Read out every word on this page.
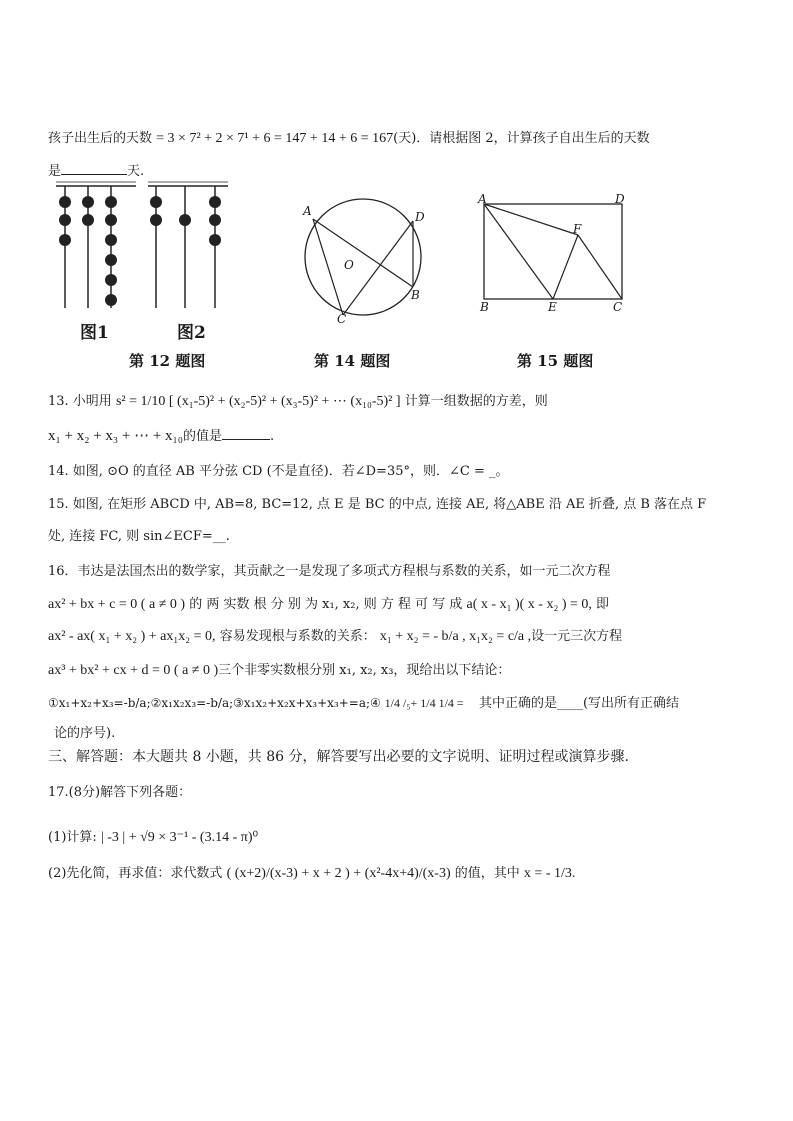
孩子出生后的天数 = 3 × 7² + 2 × 7¹ + 6 = 147 + 14 + 6 = 167(天)．请根据图 2，计算孩子自出生后的天数
是	天.
图1	图2
A	D
O
B
C
A	D
F
B	E	C
第 12 题图	第 14 题图	第 15 题图
13. 小明用 s² = 1/10 [ (x₁-5)² + (x₂-5)² + (x₃-5)² + ⋯ (x₁₀-5)² ] 计算一组数据的方差，则
x₁ + x₂ + x₃ + ⋯ + x₁₀的值是	.
14. 如图, ⊙O 的直径 AB 平分弦 CD (不是直径)．若∠D=35°，则．∠C = _。
15. 如图, 在矩形 ABCD 中, AB=8, BC=12, 点 E 是 BC 的中点, 连接 AE, 将△ABE 沿 AE 折叠, 点 B 落在点 F
处, 连接 FC, 则 sin∠ECF=__.
16．韦达是法国杰出的数学家，其贡献之一是发现了多项式方程根与系数的关系，如一元二次方程
ax² + bx + c = 0 ( a ≠ 0 ) 的 两 实数 根 分 别 为 x₁, x₂, 则 方 程 可 写 成 a( x - x₁ )( x - x₂ ) = 0, 即
ax² - ax( x₁ + x₂ ) + ax₁x₂ = 0, 容易发现根与系数的关系： x₁ + x₂ = - b/a , x₁x₂ = c/a ,设一元三次方程
ax³ + bx² + cx + d = 0 ( a ≠ 0 )三个非零实数根分别 x₁, x₂, x₃，现给出以下结论：
①x₁+x₂+x₃=-b/a;②x₁x₂x₃=-b/a;③x₁x₂+x₂x+x₃+x₃+=a;④ 1/4 /₅+ 1/4 1/4 = 其中正确的是____(写出所有正确结
论的序号).
三、解答题：本大题共 8 小题，共 86 分，解答要写出必要的文字说明、证明过程或演算步骤.
17.(8分)解答下列各题：
(1)计算: | -3 | + √9 × 3⁻¹ - (3.14 - π)⁰
(2)先化简，再求值：求代数式 ( (x+2)/(x-3) + x + 2 ) + (x²-4x+4)/(x-3) 的值，其中 x = - 1/3.
